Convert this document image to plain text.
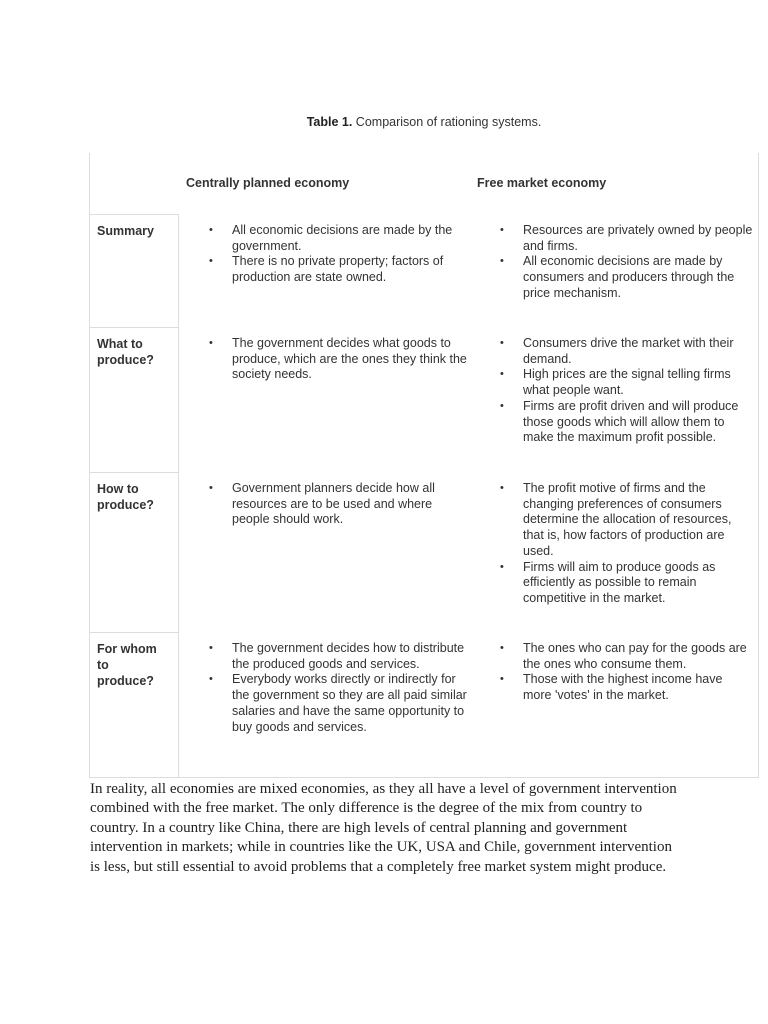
Table 1. Comparison of rationing systems.
Centrally planned economy	Free market economy
Summary
•	All economic decisions are made by the government.
• There is no private property; factors of production are state owned.
• Resources are privately owned by people and firms.
• All economic decisions are made by consumers and producers through the price mechanism.
What to produce?
• The government decides what goods to produce, which are the ones they think the society needs.
• Consumers drive the market with their demand.
• High prices are the signal telling firms what people want.
• Firms are profit driven and will produce those goods which will allow them to make the maximum profit possible.
How to produce?
• Government planners decide how all resources are to be used and where people should work.
• The profit motive of firms and the changing preferences of consumers determine the allocation of resources, that is, how factors of production are used.
• Firms will aim to produce goods as efficiently as possible to remain competitive in the market.
For whom to produce?
• The government decides how to distribute the produced goods and services.
• Everybody works directly or indirectly for the government so they are all paid similar salaries and have the same opportunity to buy goods and services.
• The ones who can pay for the goods are the ones who consume them.
• Those with the highest income have more 'votes' in the market.

In reality, all economies are mixed economies, as they all have a level of government intervention combined with the free market. The only difference is the degree of the mix from country to country. In a country like China, there are high levels of central planning and government intervention in markets; while in countries like the UK, USA and Chile, government intervention is less, but still essential to avoid problems that a completely free market system might produce.
